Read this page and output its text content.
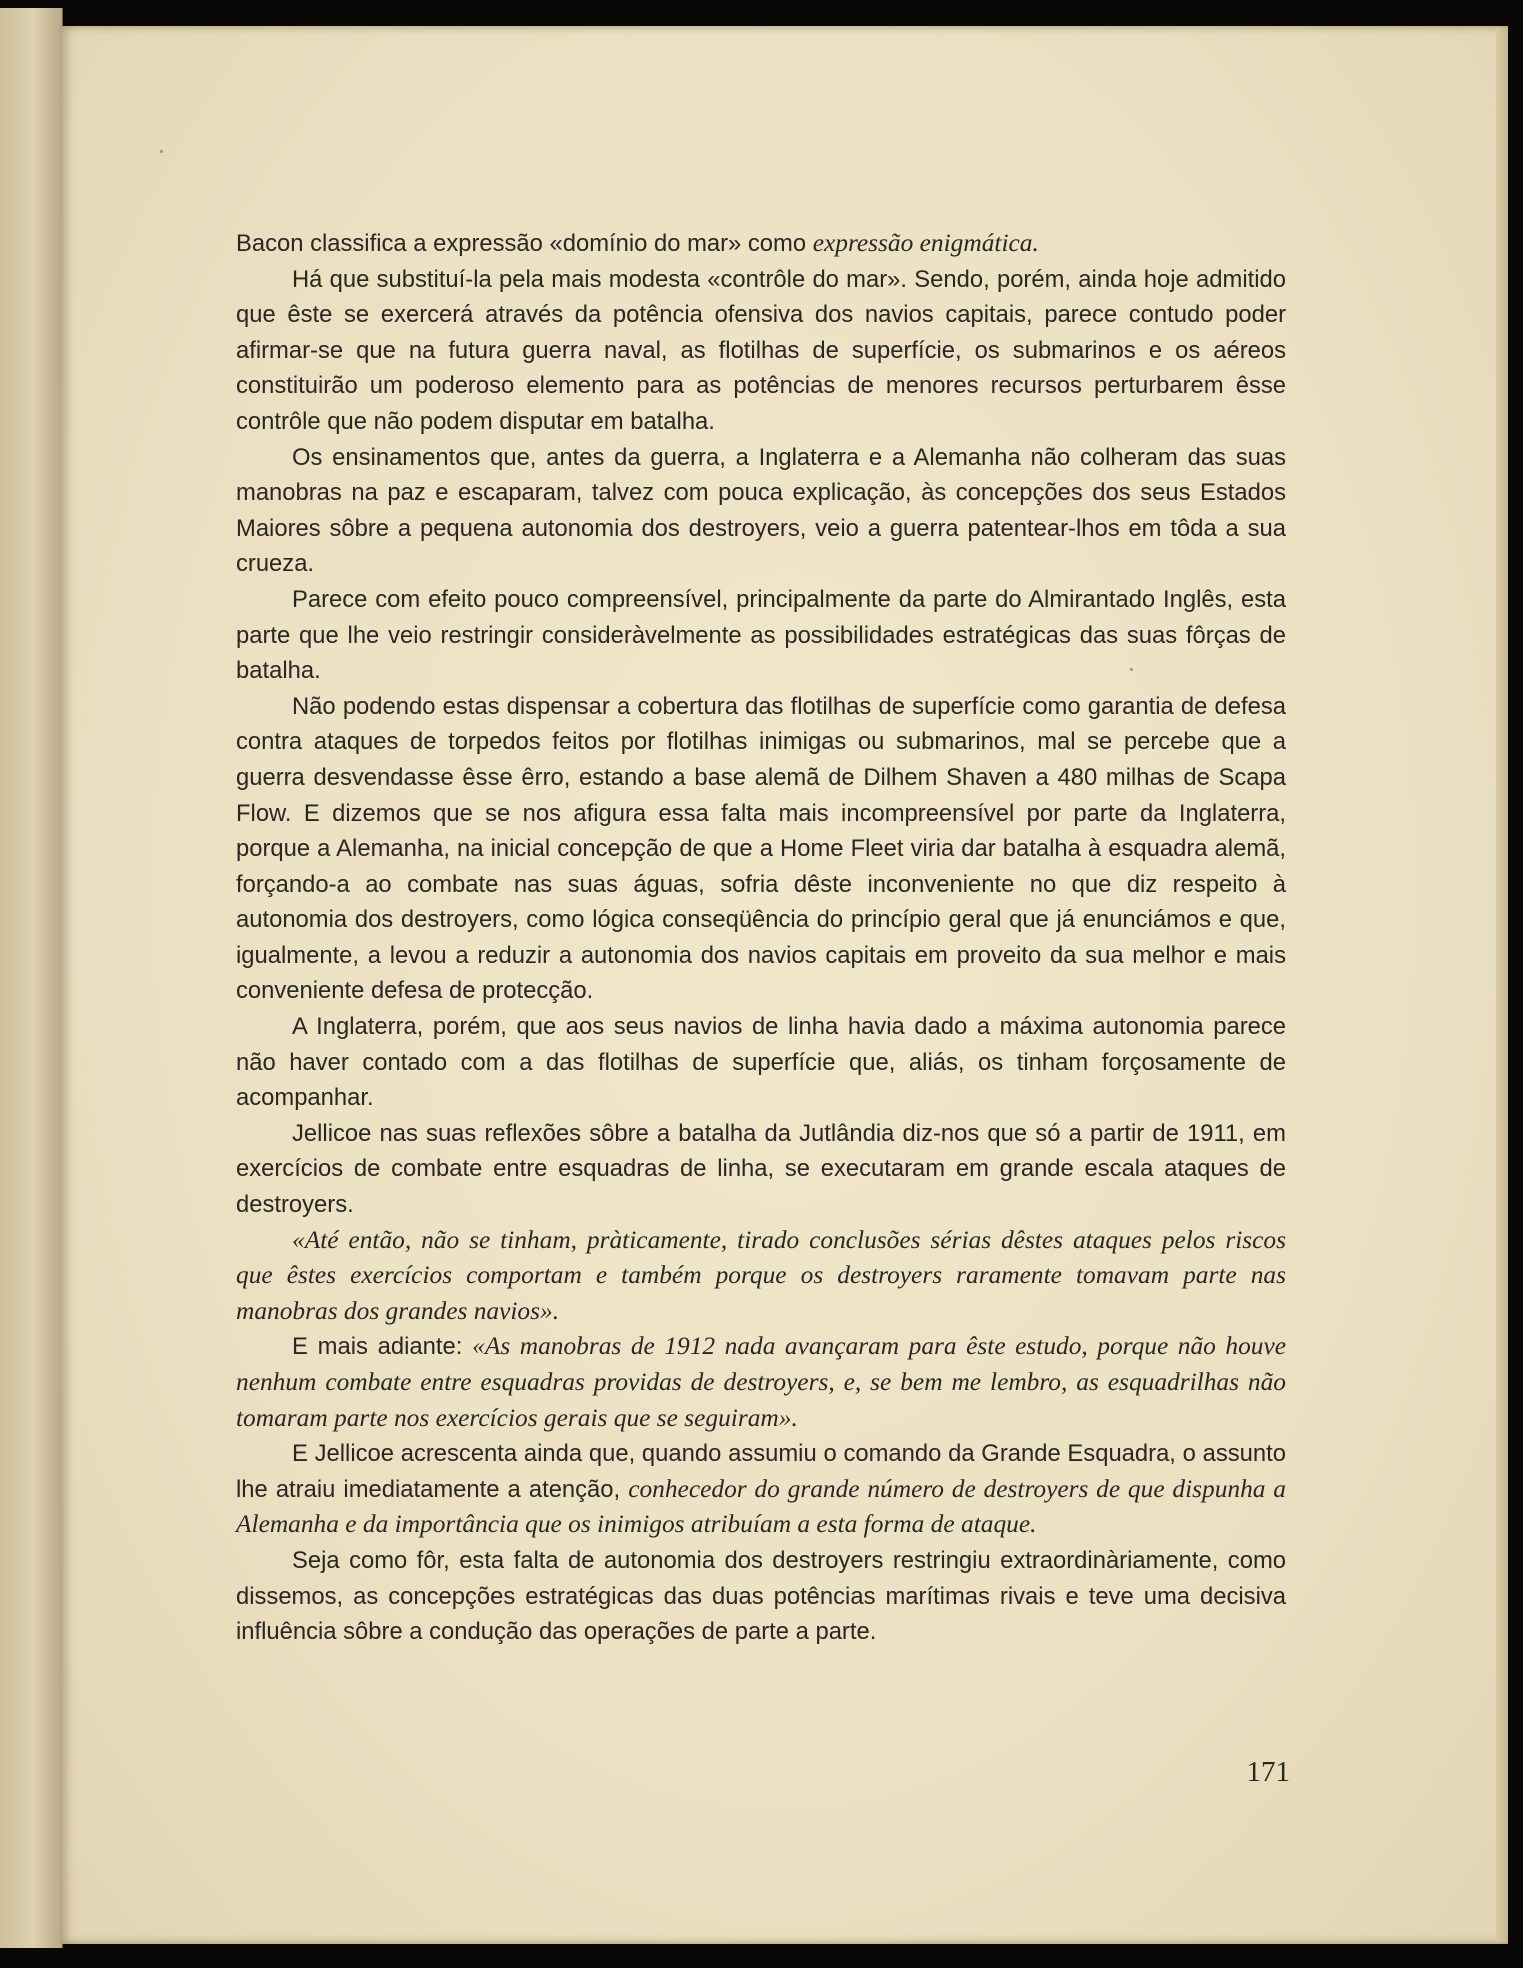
Bacon classifica a expressão «domínio do mar» como expressão enigmática.

Há que substituí-la pela mais modesta «contrôle do mar». Sendo, porém, ainda hoje admitido que êste se exercerá através da potência ofensiva dos navios capitais, parece contudo poder afirmar-se que na futura guerra naval, as flotilhas de superfície, os submarinos e os aéreos constituirão um poderoso elemento para as potências de menores recursos perturbarem êsse contrôle que não podem disputar em batalha.

Os ensinamentos que, antes da guerra, a Inglaterra e a Alemanha não colheram das suas manobras na paz e escaparam, talvez com pouca explicação, às concepções dos seus Estados Maiores sôbre a pequena autonomia dos destroyers, veio a guerra patentear-lhos em tôda a sua crueza.

Parece com efeito pouco compreensível, principalmente da parte do Almirantado Inglês, esta parte que lhe veio restringir consideràvelmente as possibilidades estratégicas das suas fôrças de batalha.

Não podendo estas dispensar a cobertura das flotilhas de superfície como garantia de defesa contra ataques de torpedos feitos por flotilhas inimigas ou submarinos, mal se percebe que a guerra desvendasse êsse êrro, estando a base alemã de Dilhem Shaven a 480 milhas de Scapa Flow. E dizemos que se nos afigura essa falta mais incompreensível por parte da Inglaterra, porque a Alemanha, na inicial concepção de que a Home Fleet viria dar batalha à esquadra alemã, forçando-a ao combate nas suas águas, sofria dêste inconveniente no que diz respeito à autonomia dos destroyers, como lógica conseqüência do princípio geral que já enunciámos e que, igualmente, a levou a reduzir a autonomia dos navios capitais em proveito da sua melhor e mais conveniente defesa de protecção.

A Inglaterra, porém, que aos seus navios de linha havia dado a máxima autonomia parece não haver contado com a das flotilhas de superfície que, aliás, os tinham forçosamente de acompanhar.

Jellicoe nas suas reflexões sôbre a batalha da Jutlândia diz-nos que só a partir de 1911, em exercícios de combate entre esquadras de linha, se executaram em grande escala ataques de destroyers.

«Até então, não se tinham, pràticamente, tirado conclusões sérias dêstes ataques pelos riscos que êstes exercícios comportam e também porque os destroyers raramente tomavam parte nas manobras dos grandes navios».

E mais adiante: «As manobras de 1912 nada avançaram para êste estudo, porque não houve nenhum combate entre esquadras providas de destroyers, e, se bem me lembro, as esquadrilhas não tomaram parte nos exercícios gerais que se seguiram».

E Jellicoe acrescenta ainda que, quando assumiu o comando da Grande Esquadra, o assunto lhe atraiu imediatamente a atenção, conhecedor do grande número de destroyers de que dispunha a Alemanha e da importância que os inimigos atribuíam a esta forma de ataque.

Seja como fôr, esta falta de autonomia dos destroyers restringiu extraordinàriamente, como dissemos, as concepções estratégicas das duas potências marítimas rivais e teve uma decisiva influência sôbre a condução das operações de parte a parte.

171
